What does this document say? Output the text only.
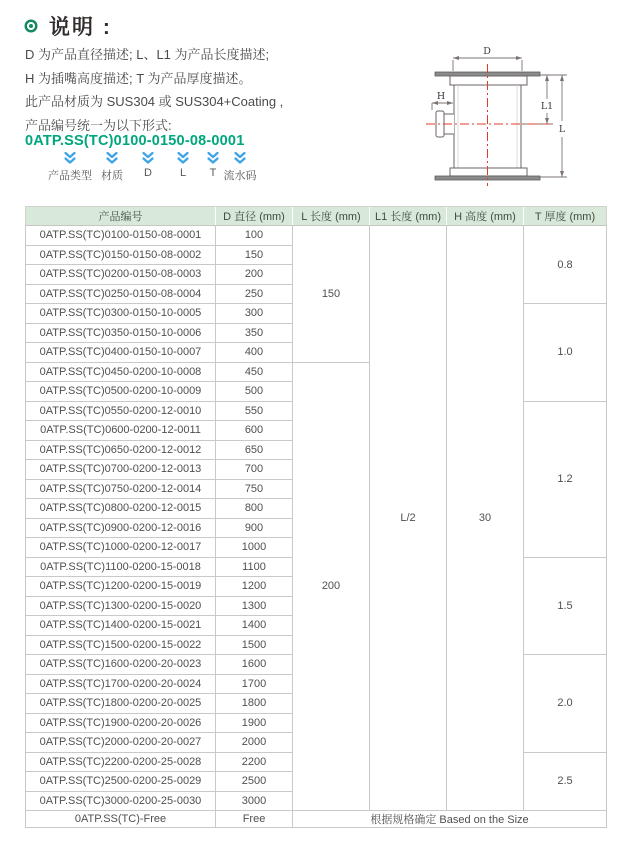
说明 :
D 为产品直径描述; L、L1 为产品长度描述;
H 为插嘴高度描述; T 为产品厚度描述。
此产品材质为 SUS304 或 SUS304+Coating ,
产品编号统一为以下形式:
0ATP.SS(TC)0100-0150-08-0001
产品类型 材质 D	L T 流水码
D
H
L1
L
产品编号	D 直径 (mm)	L 长度 (mm)	L1 长度 (mm)	H 高度 (mm)	T 厚度 (mm)
0ATP.SS(TC)0100-0150-08-0001	100	150	L/2	30	0.8
0ATP.SS(TC)0150-0150-08-0002	150				
0ATP.SS(TC)0200-0150-08-0003	200				
0ATP.SS(TC)0250-0150-08-0004	250				
0ATP.SS(TC)0300-0150-10-0005	300				1.0
0ATP.SS(TC)0350-0150-10-0006	350				
0ATP.SS(TC)0400-0150-10-0007	400				
0ATP.SS(TC)0450-0200-10-0008	450	200			
0ATP.SS(TC)0500-0200-10-0009	500				
0ATP.SS(TC)0550-0200-12-0010	550				1.2
0ATP.SS(TC)0600-0200-12-0011	600				
0ATP.SS(TC)0650-0200-12-0012	650				
0ATP.SS(TC)0700-0200-12-0013	700				
0ATP.SS(TC)0750-0200-12-0014	750				
0ATP.SS(TC)0800-0200-12-0015	800				
0ATP.SS(TC)0900-0200-12-0016	900				
0ATP.SS(TC)1000-0200-12-0017	1000				
0ATP.SS(TC)1100-0200-15-0018	1100				1.5
0ATP.SS(TC)1200-0200-15-0019	1200				
0ATP.SS(TC)1300-0200-15-0020	1300				
0ATP.SS(TC)1400-0200-15-0021	1400				
0ATP.SS(TC)1500-0200-15-0022	1500				
0ATP.SS(TC)1600-0200-20-0023	1600				2.0
0ATP.SS(TC)1700-0200-20-0024	1700				
0ATP.SS(TC)1800-0200-20-0025	1800				
0ATP.SS(TC)1900-0200-20-0026	1900				
0ATP.SS(TC)2000-0200-20-0027	2000				
0ATP.SS(TC)2200-0200-25-0028	2200				2.5
0ATP.SS(TC)2500-0200-25-0029	2500				
0ATP.SS(TC)3000-0200-25-0030	3000				
0ATP.SS(TC)-Free	Free	根据规格确定 Based on the Size			
